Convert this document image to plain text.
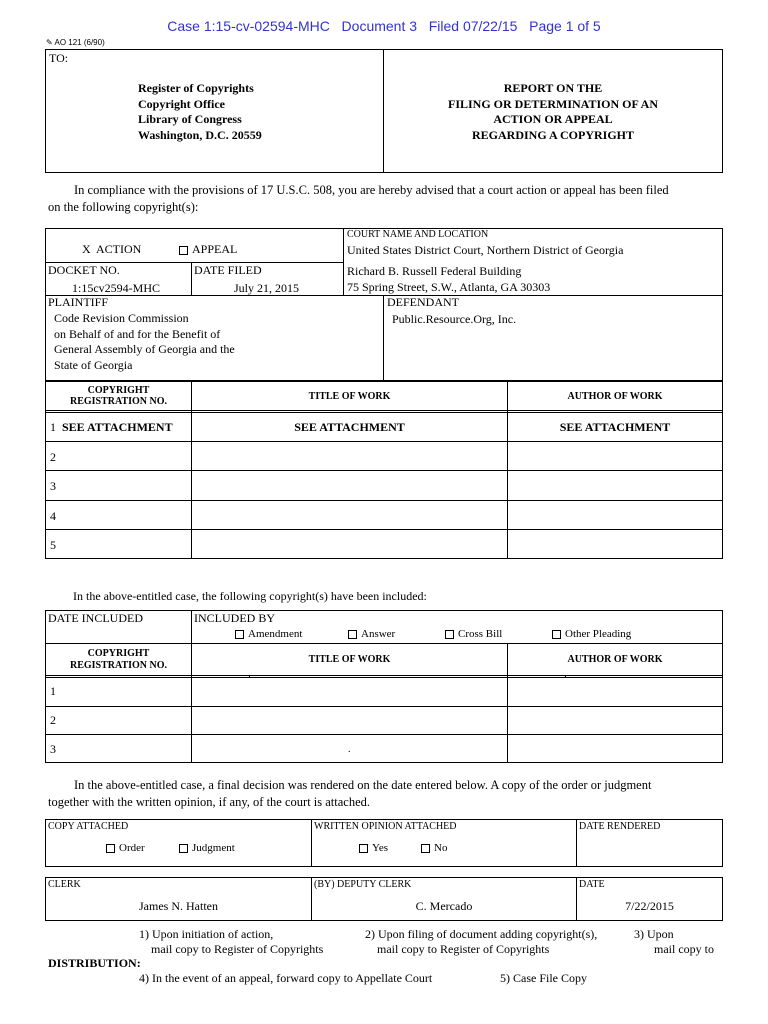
Case 1:15-cv-02594-MHC Document 3 Filed 07/22/15 Page 1 of 5
✎ AO 121 (6/90)
TO:
Register of Copyrights
Copyright Office
Library of Congress
Washington, D.C. 20559
REPORT ON THE
FILING OR DETERMINATION OF AN
ACTION OR APPEAL
REGARDING A COPYRIGHT
In compliance with the provisions of 17 U.S.C. 508, you are hereby advised that a court action or appeal has been filed
on the following copyright(s):
X ACTION	APPEAL
COURT NAME AND LOCATION
United States District Court, Northern District of Georgia
Richard B. Russell Federal Building
75 Spring Street, S.W., Atlanta, GA 30303
DOCKET NO.
1:15cv2594-MHC
DATE FILED
July 21, 2015
PLAINTIFF
Code Revision Commission
on Behalf of and for the Benefit of
General Assembly of Georgia and the
State of Georgia
DEFENDANT
Public.Resource.Org, Inc.
COPYRIGHT
REGISTRATION NO.	TITLE OF WORK	AUTHOR OF WORK
1 SEE ATTACHMENT	SEE ATTACHMENT	SEE ATTACHMENT
2
3
4
5
In the above-entitled case, the following copyright(s) have been included:
DATE INCLUDED	INCLUDED BY
Amendment	Answer	Cross Bill	Other Pleading
COPYRIGHT
REGISTRATION NO.
TITLE OF WORK	AUTHOR OF WORK
1
2
3	.
In the above-entitled case, a final decision was rendered on the date entered below. A copy of the order or judgment
together with the written opinion, if any, of the court is attached.
COPY ATTACHED	WRITTEN OPINION ATTACHED	DATE RENDERED
Order	Judgment	Yes	No
CLERK	(BY) DEPUTY CLERK	DATE
James N. Hatten	C. Mercado	7/22/2015
1) Upon initiation of action,
mail copy to Register of Copyrights
2) Upon filing of document adding copyright(s),
mail copy to Register of Copyrights
3) Upon
mail copy to
DISTRIBUTION:
4) In the event of an appeal, forward copy to Appellate Court	5) Case File Copy
